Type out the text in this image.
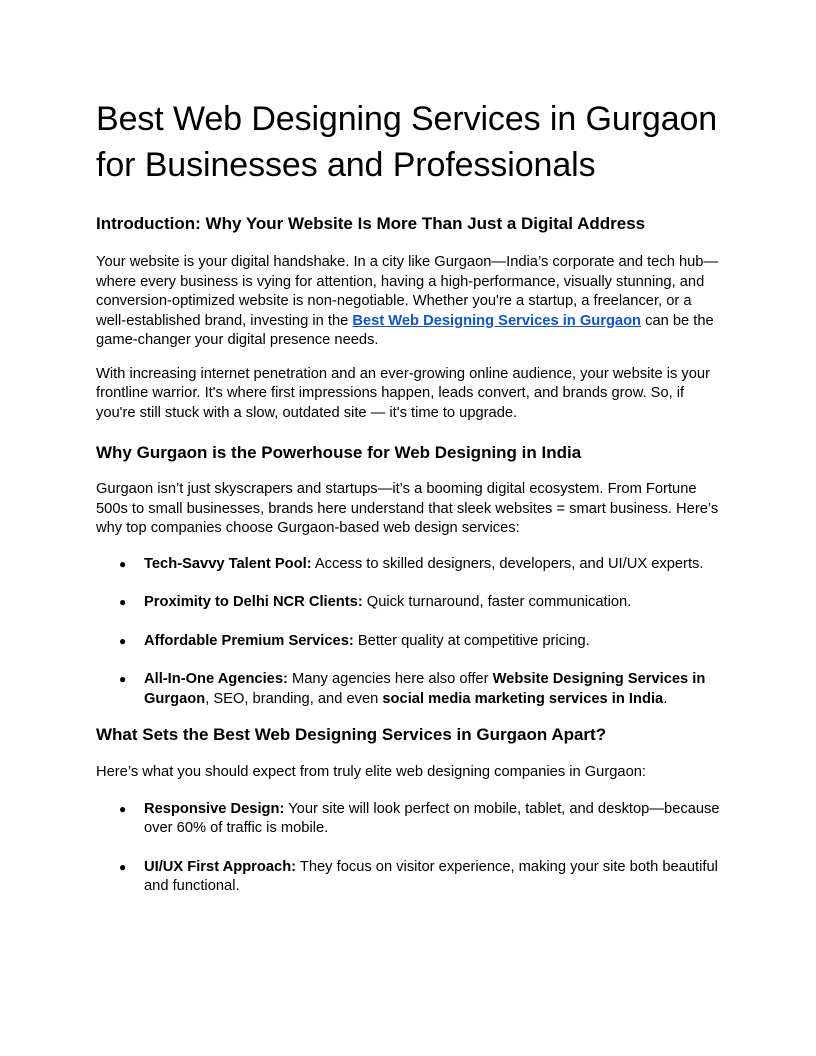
Best Web Designing Services in Gurgaon for Businesses and Professionals
Introduction: Why Your Website Is More Than Just a Digital Address

Your website is your digital handshake. In a city like Gurgaon—India’s corporate and tech hub—where every business is vying for attention, having a high-performance, visually stunning, and conversion-optimized website is non-negotiable. Whether you're a startup, a freelancer, or a well-established brand, investing in the Best Web Designing Services in Gurgaon can be the game-changer your digital presence needs.

With increasing internet penetration and an ever-growing online audience, your website is your frontline warrior. It's where first impressions happen, leads convert, and brands grow. So, if you're still stuck with a slow, outdated site — it's time to upgrade.

Why Gurgaon is the Powerhouse for Web Designing in India

Gurgaon isn’t just skyscrapers and startups—it’s a booming digital ecosystem. From Fortune 500s to small businesses, brands here understand that sleek websites = smart business. Here’s why top companies choose Gurgaon-based web design services:

● Tech-Savvy Talent Pool: Access to skilled designers, developers, and UI/UX experts.
● Proximity to Delhi NCR Clients: Quick turnaround, faster communication.
● Affordable Premium Services: Better quality at competitive pricing.
● All-In-One Agencies: Many agencies here also offer Website Designing Services in Gurgaon, SEO, branding, and even social media marketing services in India.
What Sets the Best Web Designing Services in Gurgaon Apart?

Here’s what you should expect from truly elite web designing companies in Gurgaon:

● Responsive Design: Your site will look perfect on mobile, tablet, and desktop—because over 60% of traffic is mobile.
● UI/UX First Approach: They focus on visitor experience, making your site both beautiful and functional.
